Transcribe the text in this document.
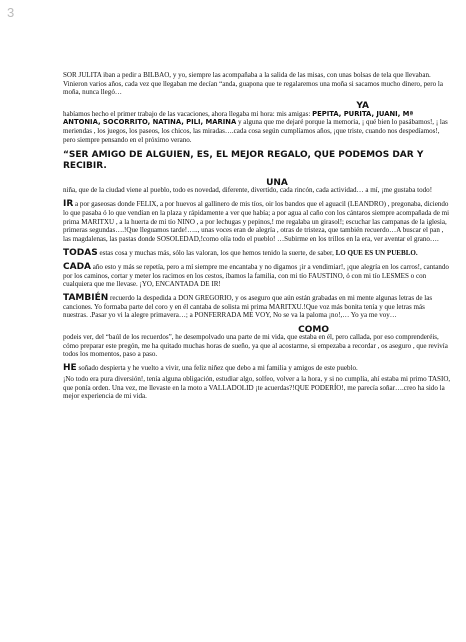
3

SOR JULITA iban a pedir a BILBAO, y yo, siempre las acompañaba a la salida de las misas, con unas bolsas de tela que llevaban. Vinieron varios años, cada vez que llegaban me decían “anda, guapona que te regalaremos una moña si sacamos mucho dinero, pero la moña, nunca llegó…

YA
habíamos hecho el primer trabajo de las vacaciones, ahora llegaba mi hora: mis amigas: PEPITA, PURITA, JUANI, Mª ANTONIA, SOCORRITO, NATINA, PILI, MARINA y alguna que me dejaré porque la memoria, ¡ qué bien lo pasábamos!, ¡ las meriendas , los juegos, los paseos, los chicos, las miradas….cada cosa según cumplíamos años, ¡que triste, cuando nos despedíamos!, pero siempre pensando en el próximo verano.

“SER AMIGO DE ALGUIEN, ES, EL MEJOR REGALO, QUE PODEMOS DAR Y RECIBIR.

UNA
niña, que de la ciudad viene al pueblo, todo es novedad, diferente, divertido, cada rincón, cada actividad… a mí, ¡me gustaba todo!

IR a por gaseosas donde FELIX, a por huevos al gallinero de mis tíos, oir los bandos que el aguacil (LEANDRO) , pregonaba, diciendo lo que pasaba ó lo que vendían en la plaza y rápidamente a ver que había; a por agua al caño con los cántaros siempre acompañada de mi prima MARITXU , a la huerta de mi tío NINO , a por lechugas y pepinos,! me regalaba un girasol!; escuchar las campanas de la iglesia, primeras segundas….!Que lleguamos tarde!….., unas voces eran de alegría , otras de tristeza, que también recuerdo…A buscar el pan , las magdalenas, las pastas donde SOSOLEDAD,!como olía todo el pueblo! …Subirme en los trillos en la era, ver aventar el grano….

TODAS estas cosa y muchas más, sólo las valoran, los que hemos tenido la suerte, de saber, LO QUE ES UN PUEBLO.

CADA año esto y más se repetía, pero a mí siempre me encantaba y no digamos ¡ir a vendimiar!, ¡que alegría en los carros!, cantando por los caminos, cortar y meter los racimos en los cestos, íbamos la familia, con mi tío FAUSTINO, ó con mi tío LESMES o con cualquiera que me llevase. ¡YO, ENCANTADA DE IR!

TAMBIÉN recuerdo la despedida a DON GREGORIO, y os aseguro que aún están grabadas en mi mente algunas letras de las canciones. Yo formaba parte del coro y en él cantaba de solista mi prima MARITXU.!Que voz más bonita tenía y que letras más nuestras. .Pasar yo vi la alegre primavera…; a PONFERRADA ME VOY, No se va la paloma ¡no!,… Yo ya me voy…

COMO
podeis ver, del “baúl de los recuerdos”, he desempolvado una parte de mi vida, que estaba en él, pero callada, por eso comprenderéis, cómo preparar este pregón, me ha quitado muchas horas de sueño, ya que al acostarme, si empezaba a recordar , os aseguro , que revivía todos los momentos, paso a paso.

HE soñado despierta y he vuelto a vivir, una feliz niñez que debo a mi familia y amigos de este pueblo.

¡No todo era pura diversión!, tenía alguna obligación, estudiar algo, solfeo, volver a la hora, y si no cumplía, ahí estaba mi primo TASIO, que ponía orden. Una vez, me llevaste en la moto a VALLADOLID ¡te acuerdas?!QUE PODERÍO!, me parecía soñar….creo ha sido la mejor experiencia de mi vida.
